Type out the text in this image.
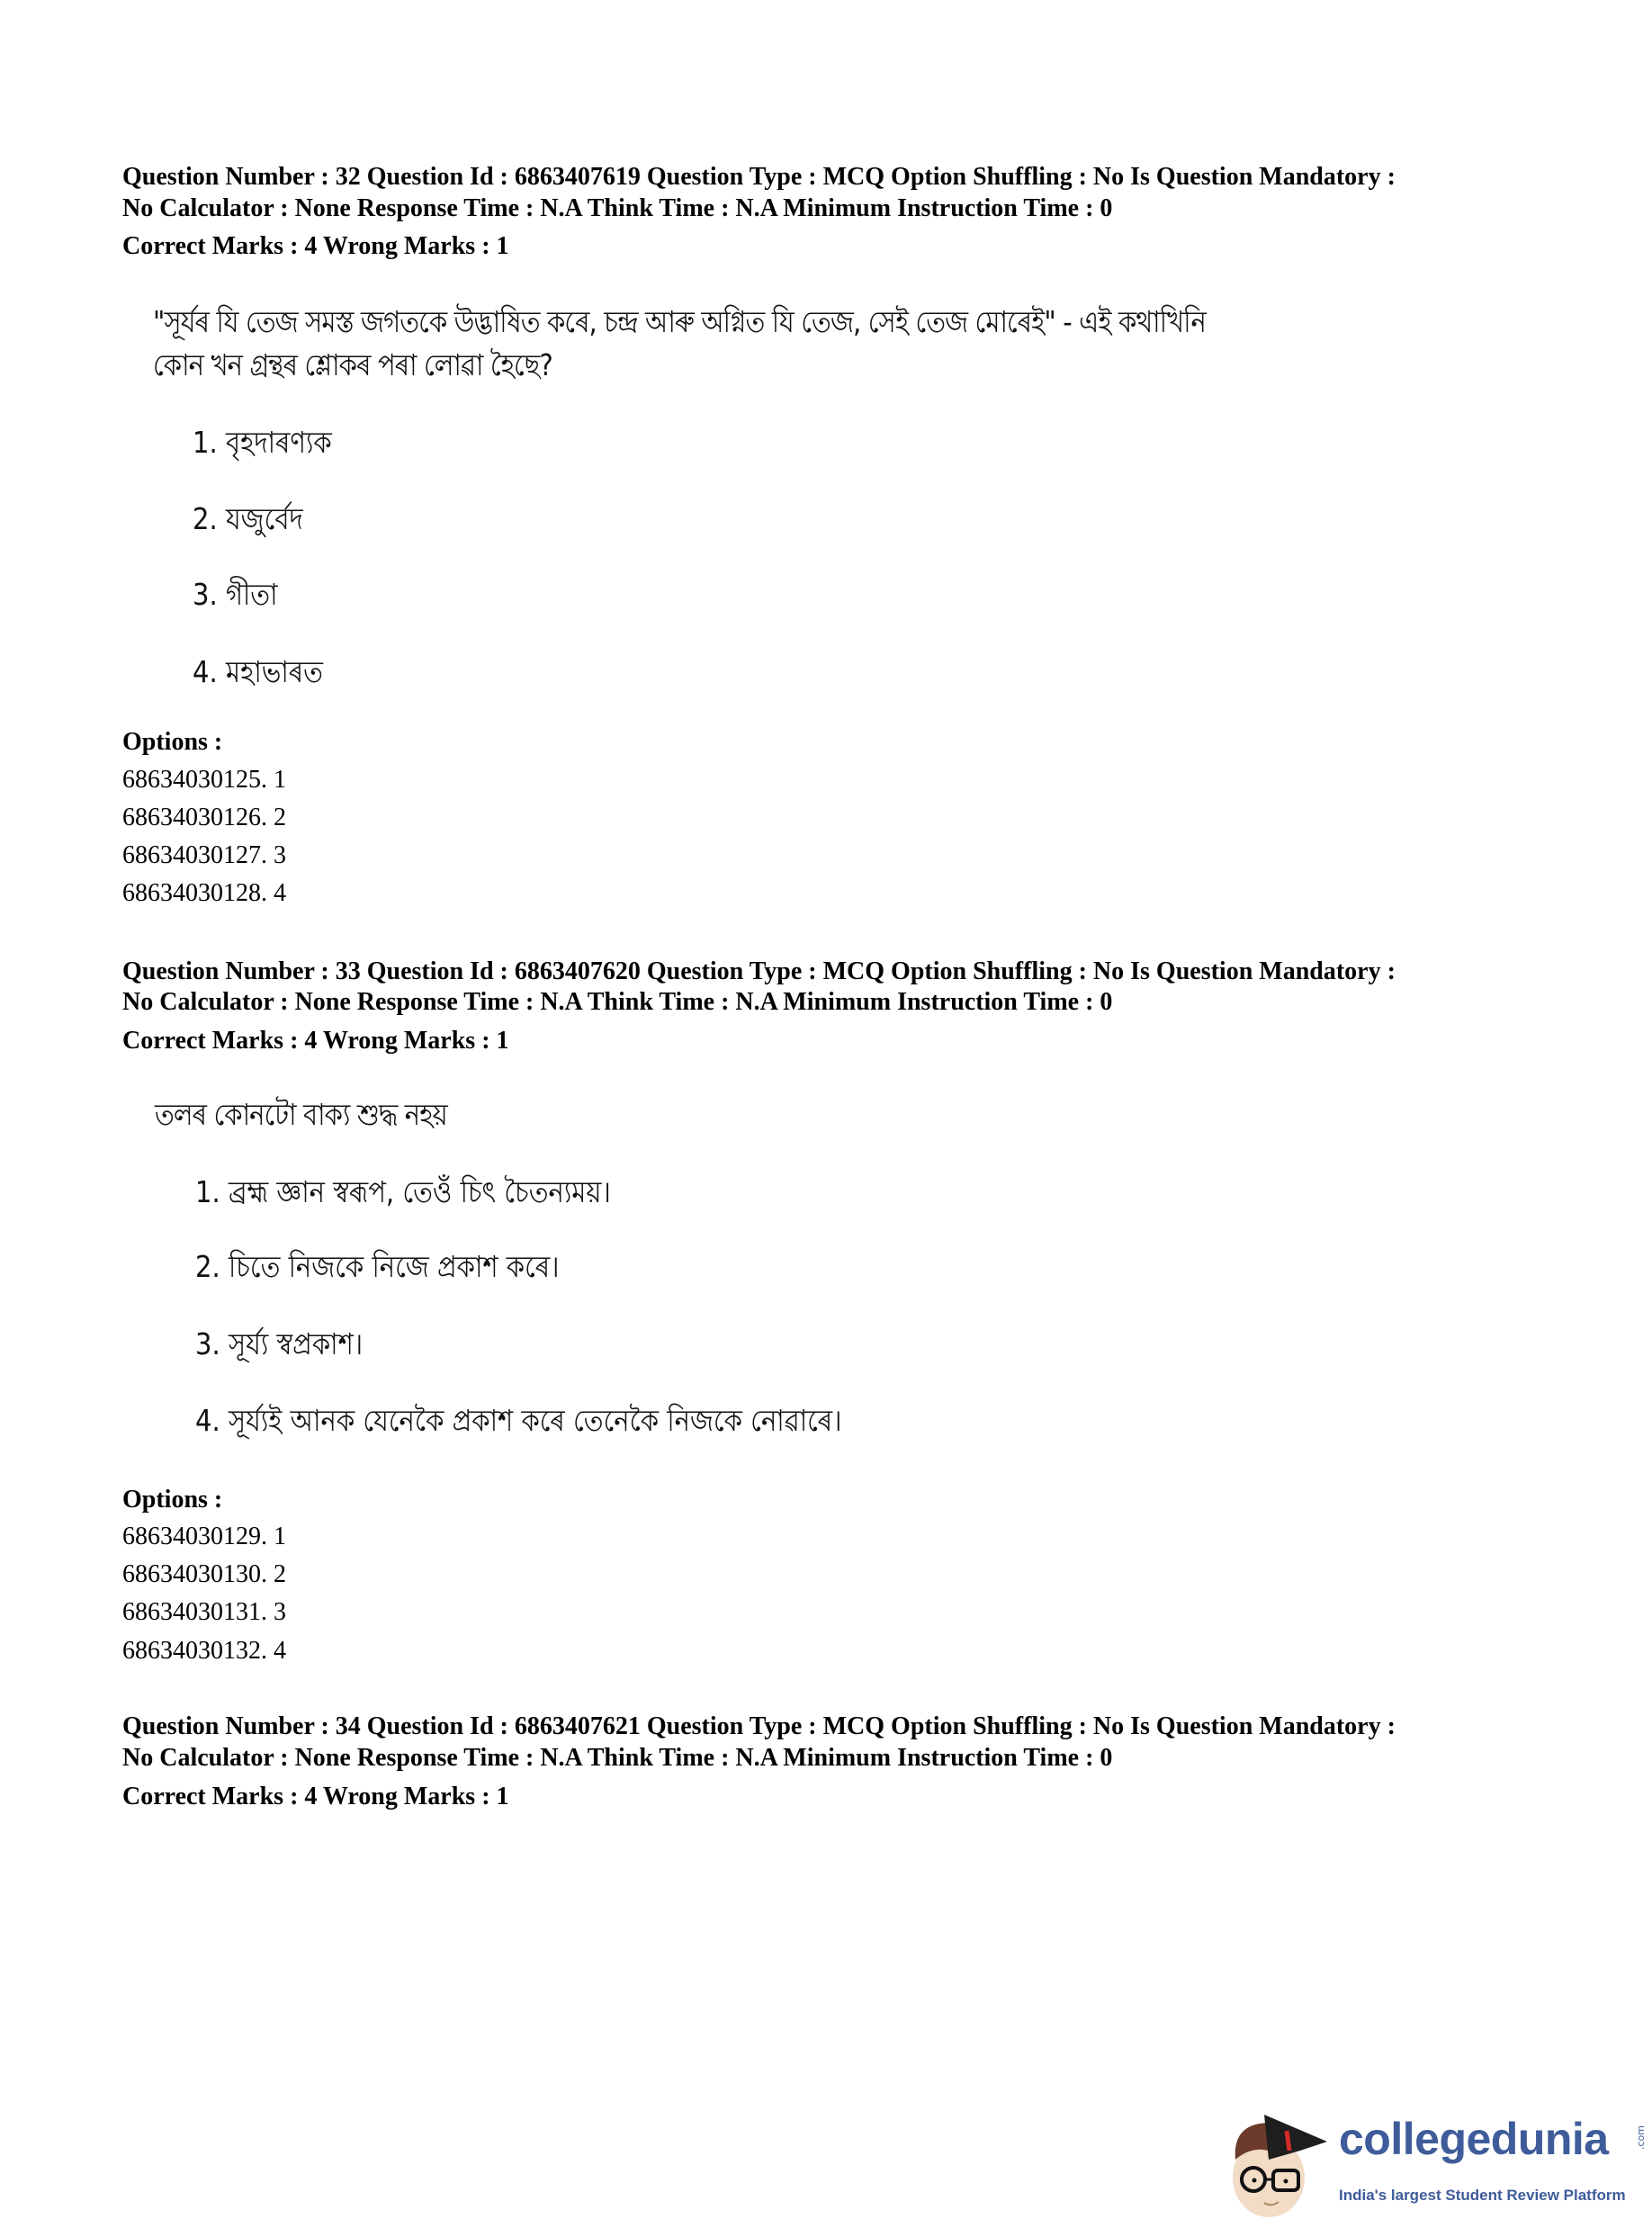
Question Number : 32 Question Id : 6863407619 Question Type : MCQ Option Shuffling : No Is Question Mandatory :
No Calculator : None Response Time : N.A Think Time : N.A Minimum Instruction Time : 0
Correct Marks : 4 Wrong Marks : 1
"সূৰ্যৰ যি তেজ সমস্ত জগতকে উদ্ভাষিত কৰে, চন্দ্ৰ আৰু অগ্নিত যি তেজ, সেই তেজ মোৰেই" - এই কথাখিনি
কোন খন গ্ৰন্থৰ শ্লোকৰ পৰা লোৱা হৈছে?
1. বৃহদাৰণ্যক
2. যজুৰ্বেদ
3. গীতা
4. মহাভাৰত
Options :
68634030125. 1
68634030126. 2
68634030127. 3
68634030128. 4
Question Number : 33 Question Id : 6863407620 Question Type : MCQ Option Shuffling : No Is Question Mandatory :
No Calculator : None Response Time : N.A Think Time : N.A Minimum Instruction Time : 0
Correct Marks : 4 Wrong Marks : 1
তলৰ কোনটো বাক্য শুদ্ধ নহয়
1. ব্ৰহ্ম জ্ঞান স্বৰূপ, তেওঁ চিৎ চৈতন্যময়।
2. চিতে নিজকে নিজে প্ৰকাশ কৰে।
3. সূৰ্য্য স্বপ্ৰকাশ।
4. সূৰ্য্যই আনক যেনেকৈ প্ৰকাশ কৰে তেনেকৈ নিজকে নোৱাৰে।
Options :
68634030129. 1
68634030130. 2
68634030131. 3
68634030132. 4
Question Number : 34 Question Id : 6863407621 Question Type : MCQ Option Shuffling : No Is Question Mandatory :
No Calculator : None Response Time : N.A Think Time : N.A Minimum Instruction Time : 0
Correct Marks : 4 Wrong Marks : 1
collegedunia	.com
India's largest Student Review Platform
